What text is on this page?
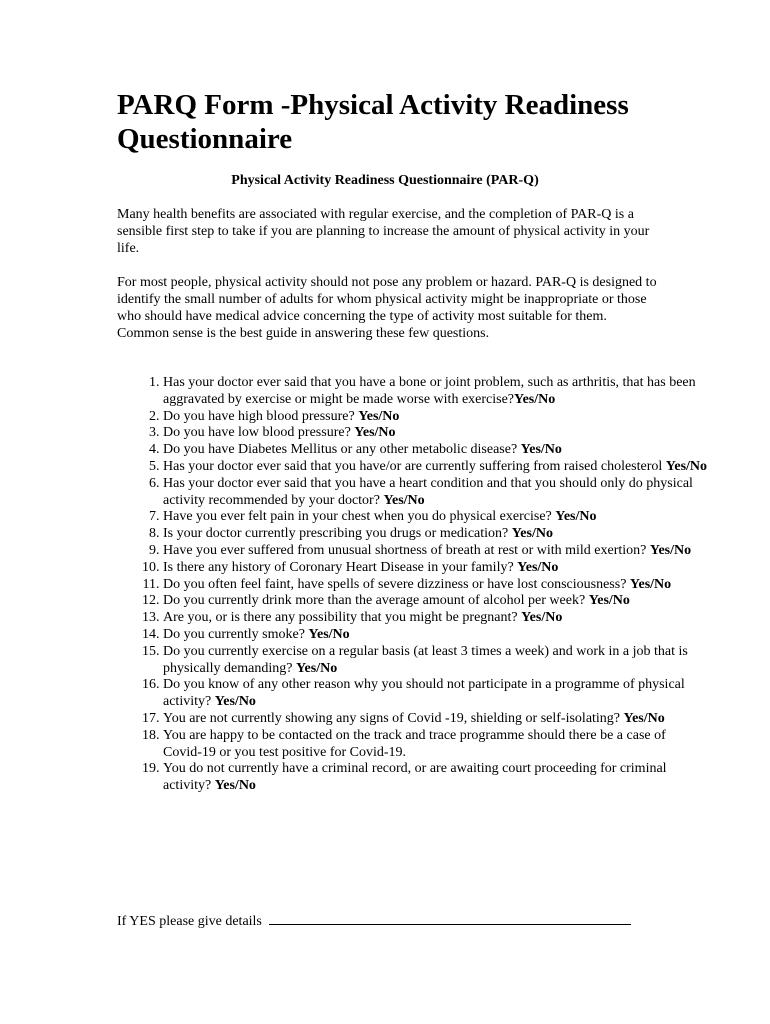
PARQ Form -Physical Activity Readiness Questionnaire
Physical Activity Readiness Questionnaire (PAR-Q)

Many health benefits are associated with regular exercise, and the completion of PAR-Q is a sensible first step to take if you are planning to increase the amount of physical activity in your life.

For most people, physical activity should not pose any problem or hazard. PAR-Q is designed to identify the small number of adults for whom physical activity might be inappropriate or those who should have medical advice concerning the type of activity most suitable for them. Common sense is the best guide in answering these few questions.

1. Has your doctor ever said that you have a bone or joint problem, such as arthritis, that has been aggravated by exercise or might be made worse with exercise?Yes/No
2. Do you have high blood pressure? Yes/No
3. Do you have low blood pressure? Yes/No
4. Do you have Diabetes Mellitus or any other metabolic disease? Yes/No
5. Has your doctor ever said that you have/or are currently suffering from raised cholesterol Yes/No
6. Has your doctor ever said that you have a heart condition and that you should only do physical activity recommended by your doctor? Yes/No
7. Have you ever felt pain in your chest when you do physical exercise? Yes/No
8. Is your doctor currently prescribing you drugs or medication? Yes/No
9. Have you ever suffered from unusual shortness of breath at rest or with mild exertion? Yes/No
10. Is there any history of Coronary Heart Disease in your family? Yes/No
11. Do you often feel faint, have spells of severe dizziness or have lost consciousness? Yes/No
12. Do you currently drink more than the average amount of alcohol per week? Yes/No
13. Are you, or is there any possibility that you might be pregnant? Yes/No
14. Do you currently smoke? Yes/No
15. Do you currently exercise on a regular basis (at least 3 times a week) and work in a job that is physically demanding? Yes/No
16. Do you know of any other reason why you should not participate in a programme of physical activity? Yes/No
17. You are not currently showing any signs of Covid -19, shielding or self-isolating? Yes/No
18. You are happy to be contacted on the track and trace programme should there be a case of Covid-19 or you test positive for Covid-19.
19. You do not currently have a criminal record, or are awaiting court proceeding for criminal activity? Yes/No

If YES please give details
